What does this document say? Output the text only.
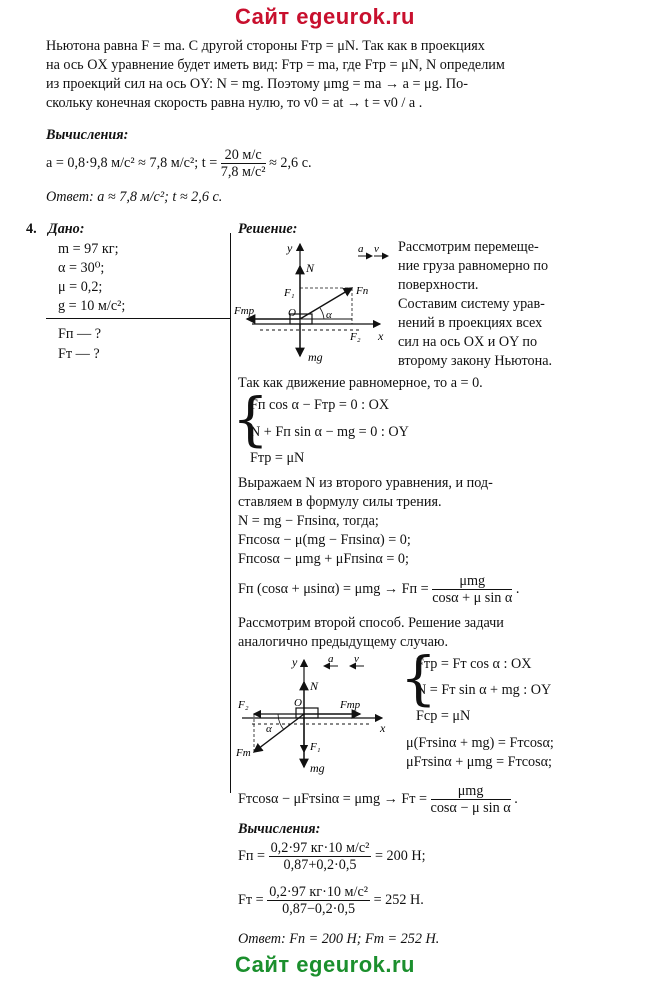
Сайт egeurok.ru
Ньютона равна F = ma. С другой стороны Fтр = μN. Так как в проекциях
на ось OX уравнение будет иметь вид: Fтр = ma, где Fтр = μN, N определим
из проекций сил на ось OY: N = mg. Поэтому μmg = ma → a = μg. По-
скольку конечная скорость равна нулю, то v0 = at → t = v0 / a .
Вычисления:
a = 0,8·9,8 м/с² ≈ 7,8 м/с²; $t = \frac{20 м/с}{\text{7,8 м/с²}} \approx 2,6$ с.
Ответ: a ≈ 7,8 м/с²; t ≈ 2,6 с.
4. Дано:	Решение:
m = 97 кг;
α = 30⁰;
μ = 0,2;
g = 10 м/с²;
Fп — ?
Fт — ?
y
N
a v
F₁	Fп
Fтр	O	α
x
F₂
mg
Рассмотрим перемеще-
ние груза равномерно по
поверхности.
Составим систему урав-
нений в проекциях всех
сил на ось OX и OY по
второму закону Ньютона.
Так как движение равномерное, то a = 0.
{
Fп cos α − Fтр = 0 : OX
N + Fп sin α − mg = 0 : OY
Fтр = μN
Выражаем N из второго уравнения, и под-
ставляем в формулу силы трения.
N = mg − Fпsinα, тогда;
Fпcosα − μ(mg − Fпsinα) = 0;
Fпcosα − μmg + μFпsinα = 0;
Fп (cosα + μsinα) = μmg → Fп = $\frac{\text{μmg}}{\text{cosα + μ sin α}}$ .
Рассмотрим второй способ. Решение задачи
аналогично предыдущему случаю.
y	a v
N
F₂	O	Fтр
α	x
Fт	F₁
mg
{
Fтр = Fт cos α : OX
N = Fт sin α + mg : OY
Fср = μN
μ(Fтsinα + mg) = Fтcosα;
μFтsinα + μmg = Fтcosα;
Fтcosα − μFтsinα = μmg → Fт = $\frac{\text{μmg}}{\text{cosα − μ sin α}}$ .
Вычисления:
Fп = $\frac{\text{0,2·97 кг·10 м/с²}}{0,87+0,2\cdot 0,5} = 200$ Н;
Fт = $\frac{\text{0,2·97 кг·10 м/с²}}{0,87-0,2\cdot 0,5} = 252$ Н.
Ответ: Fп = 200 Н; Fт = 252 Н.
Сайт egeurok.ru
